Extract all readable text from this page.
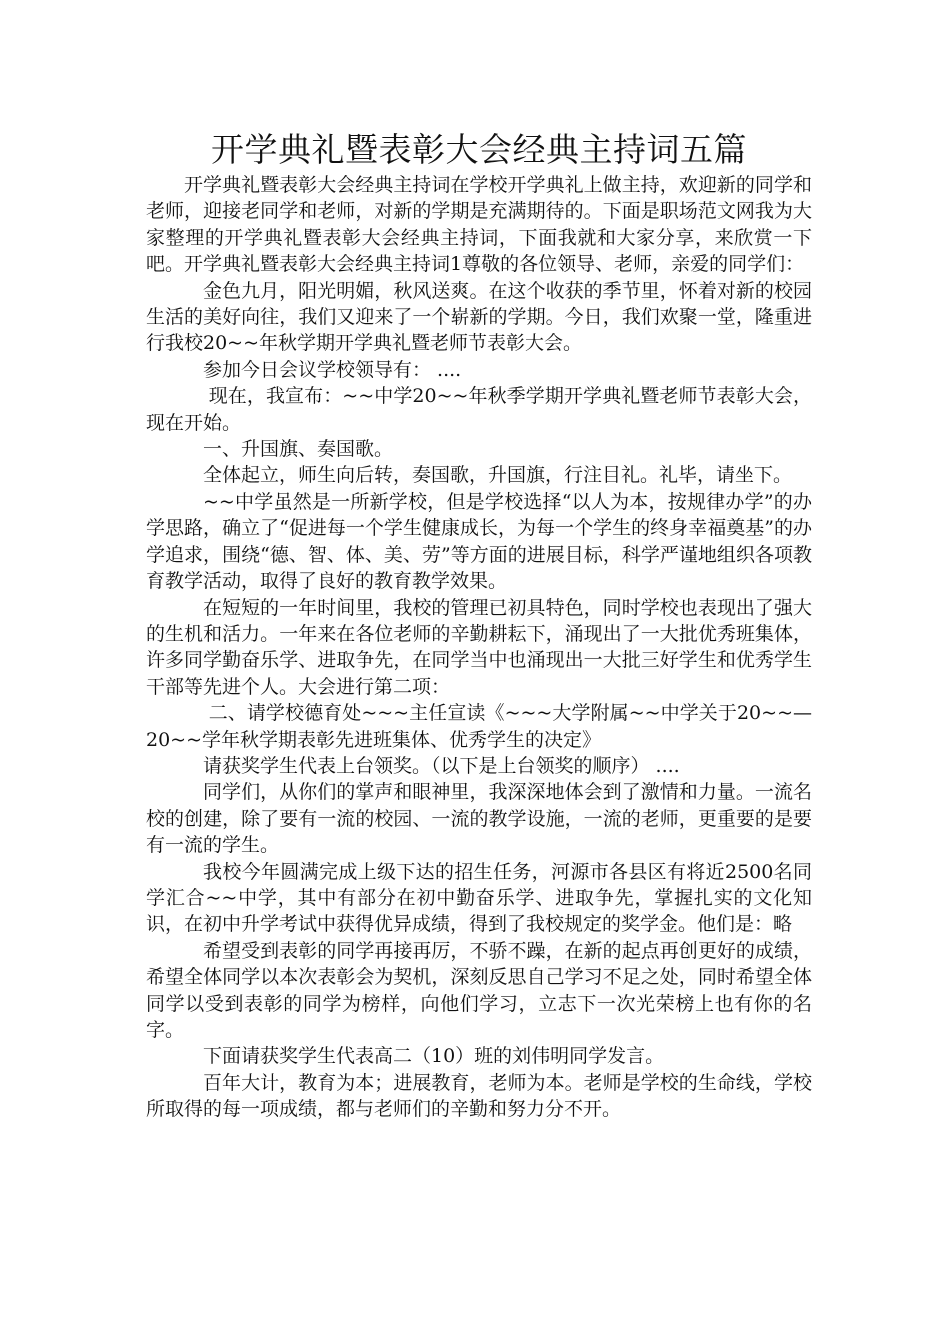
开学典礼暨表彰大会经典主持词五篇

开学典礼暨表彰大会经典主持词在学校开学典礼上做主持，欢迎新的同学和老师，迎接老同学和老师，对新的学期是充满期待的。下面是职场范文网我为大家整理的开学典礼暨表彰大会经典主持词，下面我就和大家分享，来欣赏一下吧。开学典礼暨表彰大会经典主持词1尊敬的各位领导、老师，亲爱的同学们：

金色九月，阳光明媚，秋风送爽。在这个收获的季节里，怀着对新的校园生活的美好向往，我们又迎来了一个崭新的学期。今日，我们欢聚一堂，隆重进行我校20~~年秋学期开学典礼暨老师节表彰大会。

参加今日会议学校领导有： ....

现在，我宣布：~~中学20~~年秋季学期开学典礼暨老师节表彰大会，现在开始。

一、升国旗、奏国歌。

全体起立，师生向后转，奏国歌，升国旗，行注目礼。礼毕，请坐下。

~~中学虽然是一所新学校，但是学校选择“以人为本，按规律办学”的办学思路，确立了“促进每一个学生健康成长，为每一个学生的终身幸福奠基”的办学追求，围绕“德、智、体、美、劳”等方面的进展目标，科学严谨地组织各项教育教学活动，取得了良好的教育教学效果。

在短短的一年时间里，我校的管理已初具特色，同时学校也表现出了强大的生机和活力。一年来在各位老师的辛勤耕耘下，涌现出了一大批优秀班集体，许多同学勤奋乐学、进取争先，在同学当中也涌现出一大批三好学生和优秀学生干部等先进个人。大会进行第二项：

二、请学校德育处~~~主任宣读《~~~大学附属~~中学关于20~~—20~~学年秋学期表彰先进班集体、优秀学生的决定》

请获奖学生代表上台领奖。（以下是上台领奖的顺序） ....

同学们，从你们的掌声和眼神里，我深深地体会到了激情和力量。一流名校的创建，除了要有一流的校园、一流的教学设施，一流的老师，更重要的是要有一流的学生。

我校今年圆满完成上级下达的招生任务，河源市各县区有将近2500名同学汇合~~中学，其中有部分在初中勤奋乐学、进取争先，掌握扎实的文化知识，在初中升学考试中获得优异成绩，得到了我校规定的奖学金。他们是：略

希望受到表彰的同学再接再厉，不骄不躁，在新的起点再创更好的成绩，希望全体同学以本次表彰会为契机，深刻反思自己学习不足之处，同时希望全体同学以受到表彰的同学为榜样，向他们学习，立志下一次光荣榜上也有你的名字。

下面请获奖学生代表高二（10）班的刘伟明同学发言。

百年大计，教育为本；进展教育，老师为本。老师是学校的生命线，学校所取得的每一项成绩，都与老师们的辛勤和努力分不开。
